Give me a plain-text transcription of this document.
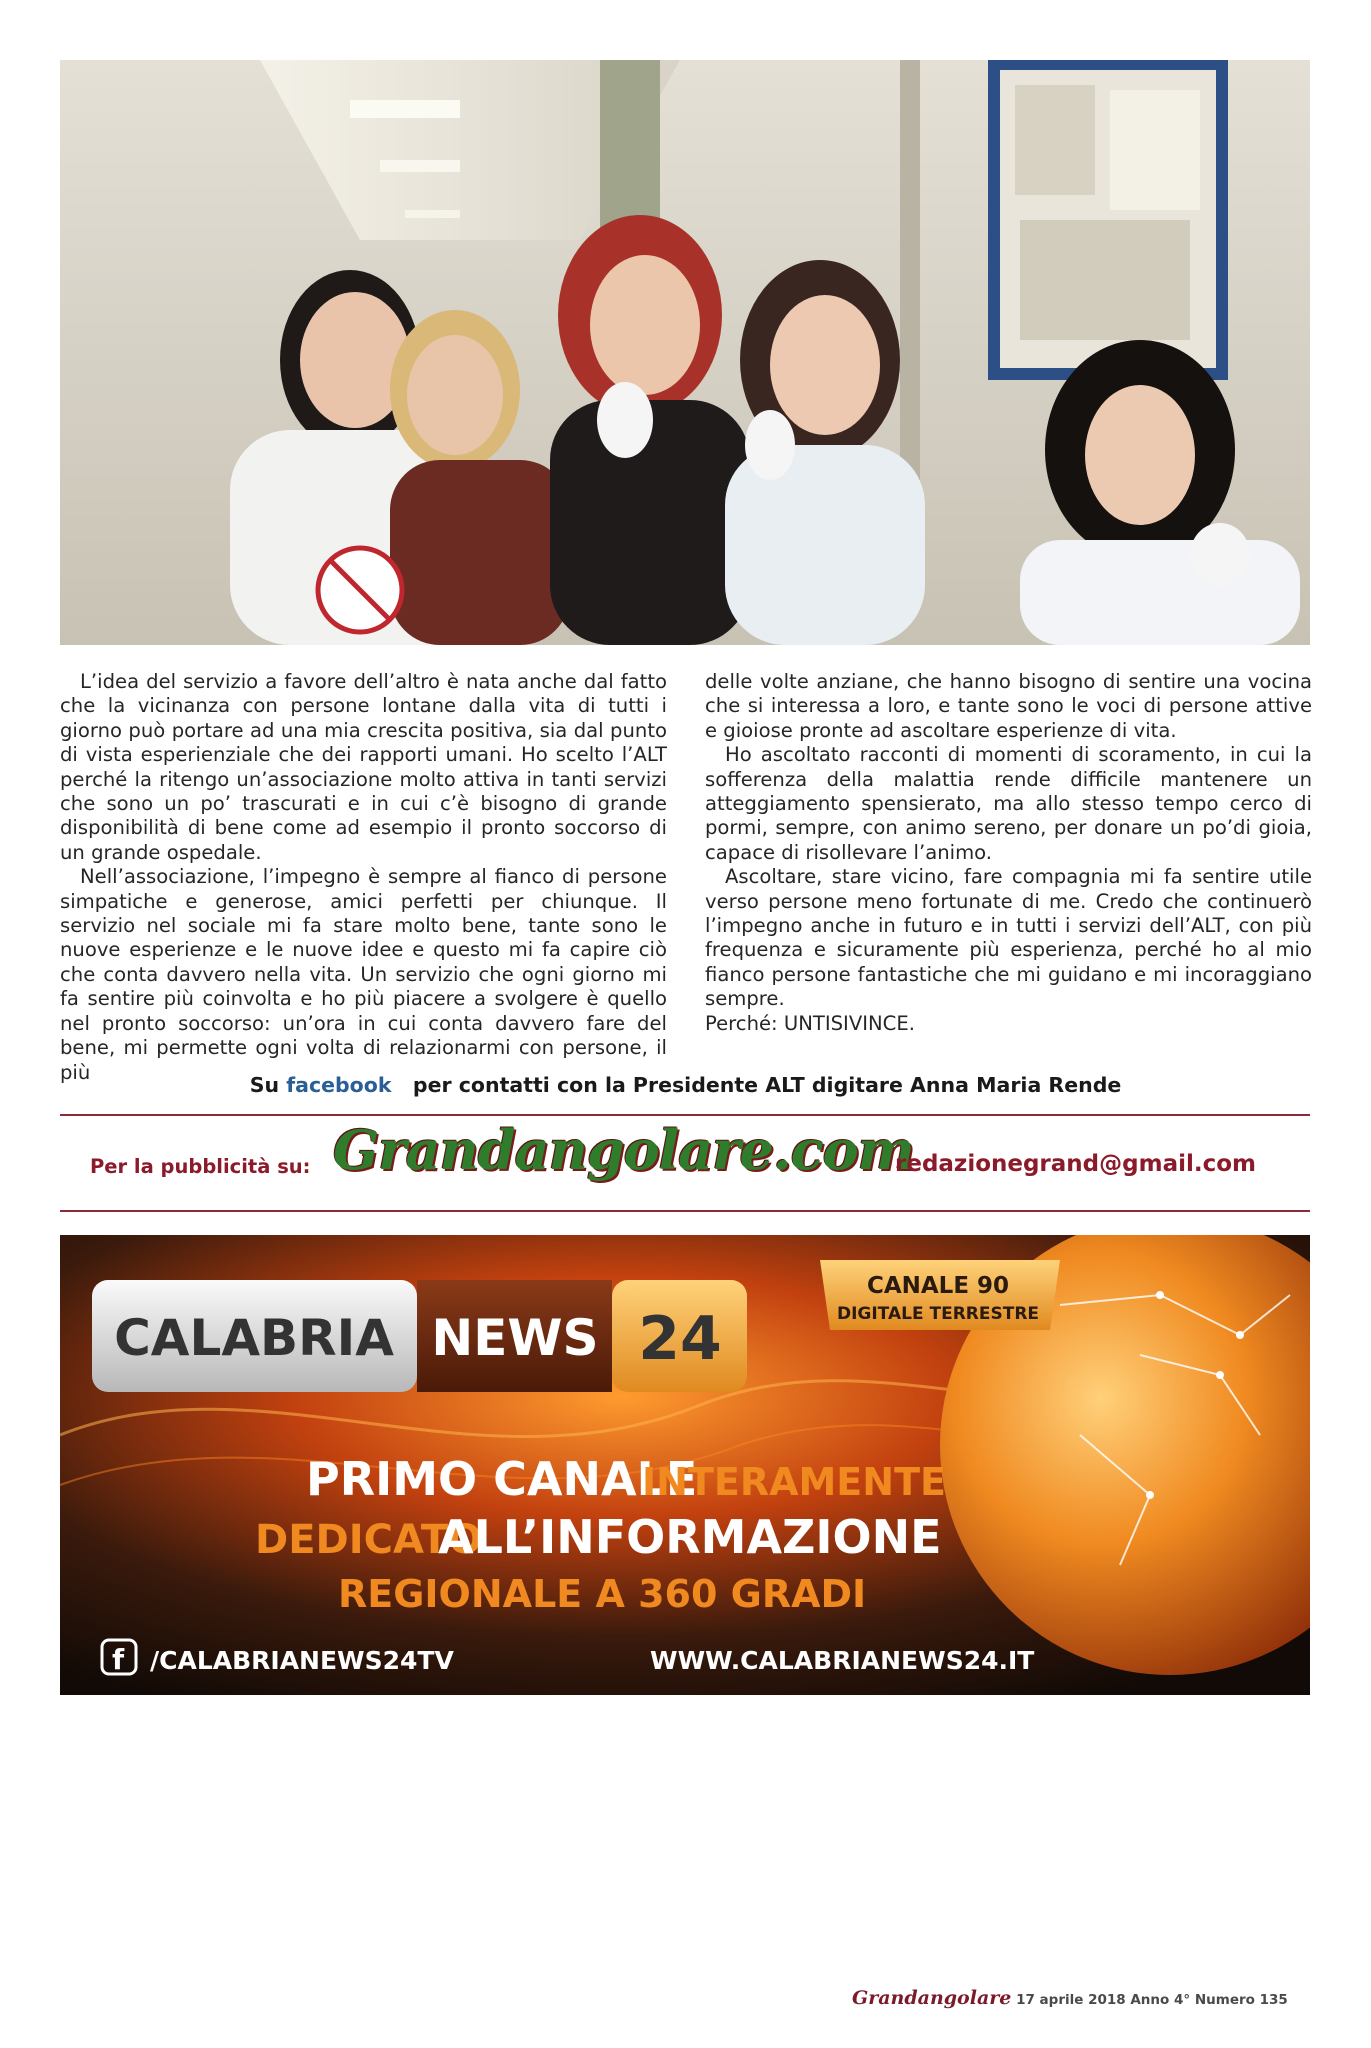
L’idea del servizio a favore dell’altro è nata anche dal fatto che la vicinanza con persone lontane dalla vita di tutti i giorno può portare ad una mia crescita positiva, sia dal punto di vista esperienziale che dei rapporti umani. Ho scelto l’ALT perché la ritengo un’associazione molto attiva in tanti servizi che sono un po’ trascurati e in cui c’è bisogno di grande disponibilità di bene come ad esempio il pronto soccorso di un grande ospedale.

Nell’associazione, l’impegno è sempre al fianco di persone simpatiche e generose, amici perfetti per chiunque. Il servizio nel sociale mi fa stare molto bene, tante sono le nuove esperienze e le nuove idee e questo mi fa capire ciò che conta davvero nella vita. Un servizio che ogni giorno mi fa sentire più coinvolta e ho più piacere a svolgere è quello nel pronto soccorso: un’ora in cui conta davvero fare del bene, mi permette ogni volta di relazionarmi con persone, il più

delle volte anziane, che hanno bisogno di sentire una vocina che si interessa a loro, e tante sono le voci di persone attive e gioiose pronte ad ascoltare esperienze di vita.

Ho ascoltato racconti di momenti di scoramento, in cui la sofferenza della malattia rende difficile mantenere un atteggiamento spensierato, ma allo stesso tempo cerco di pormi, sempre, con animo sereno, per donare un po’di gioia, capace di risollevare l’animo.

Ascoltare, stare vicino, fare compagnia mi fa sentire utile verso persone meno fortunate di me. Credo che continuerò l’impegno anche in futuro e in tutti i servizi dell’ALT, con più frequenza e sicuramente più esperienza, perché ho al mio fianco persone fantastiche che mi guidano e mi incoraggiano sempre.

Perché: UNTISIVINCE.

Su facebook per contatti con la Presidente ALT digitare Anna Maria Rende
Per la pubblicità su: Grandangolare.com
redazionegrand@gmail.com
CANALE 90
DIGITALE TERRESTRE
CALABRIA NEWS 24
PRIMO CANALE
INTERAMENTE
DEDICATO
ALL’INFORMAZIONE
REGIONALE A 360 GRADI
f /CALABRIANEWS24TV	WWW.CALABRIANEWS24.IT
Grandangolare 17 aprile 2018 Anno 4° Numero 135
